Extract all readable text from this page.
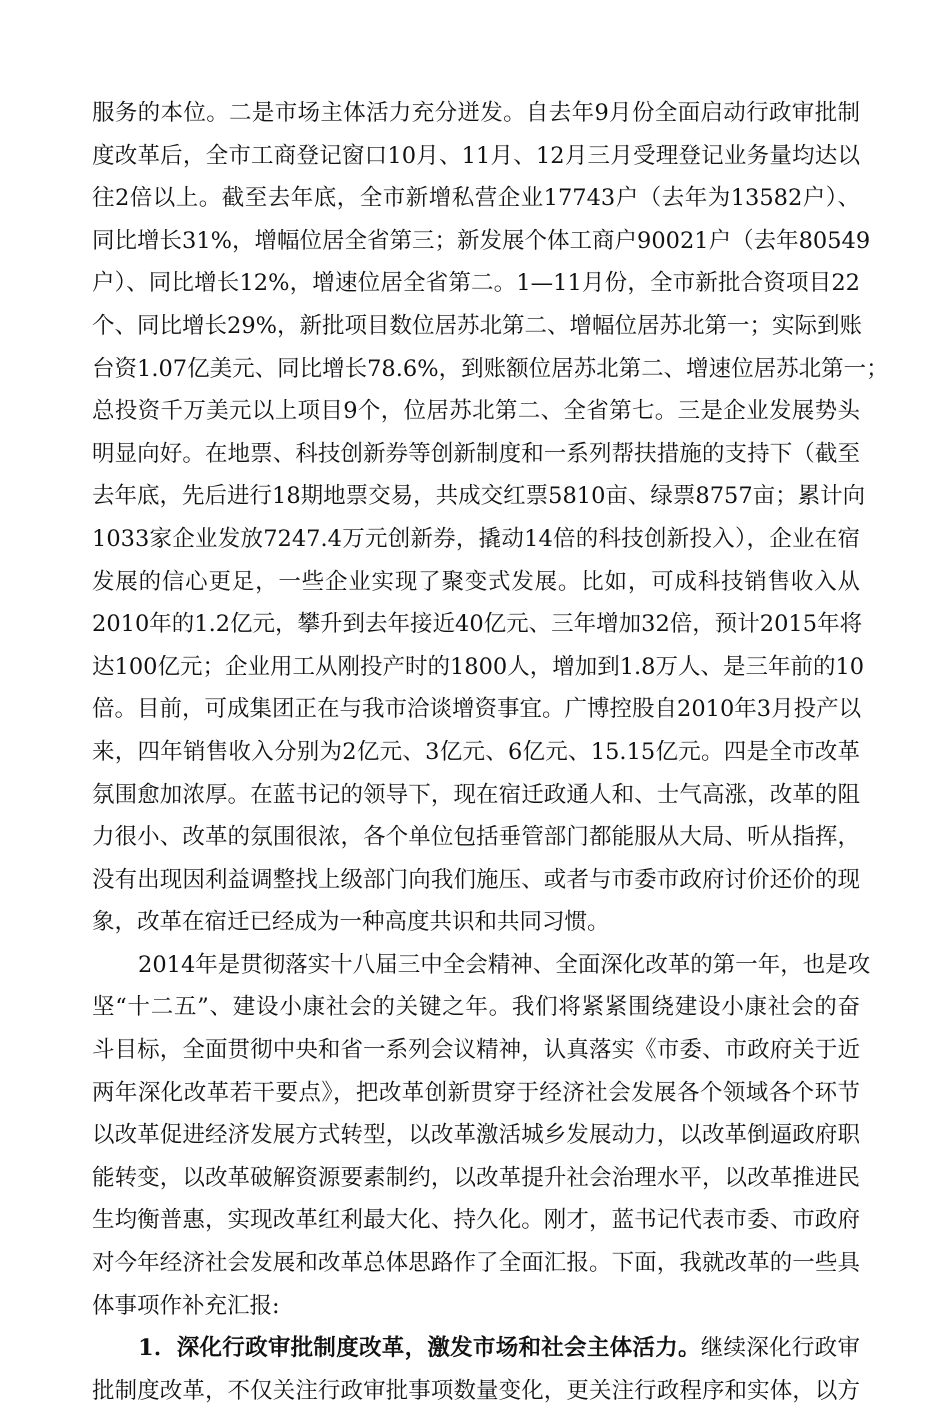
服务的本位。二是市场主体活力充分迸发。自去年9月份全面启动行政审批制
度改革后，全市工商登记窗口10月、11月、12月三月受理登记业务量均达以
往2倍以上。截至去年底，全市新增私营企业17743户（去年为13582户）、
同比增长31%，增幅位居全省第三；新发展个体工商户90021户（去年80549
户）、同比增长12%，增速位居全省第二。1—11月份，全市新批合资项目22
个、同比增长29%，新批项目数位居苏北第二、增幅位居苏北第一；实际到账
台资1.07亿美元、同比增长78.6%，到账额位居苏北第二、增速位居苏北第一；
总投资千万美元以上项目9个，位居苏北第二、全省第七。三是企业发展势头
明显向好。在地票、科技创新券等创新制度和一系列帮扶措施的支持下（截至
去年底，先后进行18期地票交易，共成交红票5810亩、绿票8757亩；累计向
1033家企业发放7247.4万元创新券，撬动14倍的科技创新投入），企业在宿
发展的信心更足，一些企业实现了聚变式发展。比如，可成科技销售收入从
2010年的1.2亿元，攀升到去年接近40亿元、三年增加32倍，预计2015年将
达100亿元；企业用工从刚投产时的1800人，增加到1.8万人、是三年前的10
倍。目前，可成集团正在与我市洽谈增资事宜。广博控股自2010年3月投产以
来，四年销售收入分别为2亿元、3亿元、6亿元、15.15亿元。四是全市改革
氛围愈加浓厚。在蓝书记的领导下，现在宿迁政通人和、士气高涨，改革的阻
力很小、改革的氛围很浓，各个单位包括垂管部门都能服从大局、听从指挥，
没有出现因利益调整找上级部门向我们施压、或者与市委市政府讨价还价的现
象，改革在宿迁已经成为一种高度共识和共同习惯。
2014年是贯彻落实十八届三中全会精神、全面深化改革的第一年，也是攻
坚“十二五”、建设小康社会的关键之年。我们将紧紧围绕建设小康社会的奋
斗目标，全面贯彻中央和省一系列会议精神，认真落实《市委、市政府关于近
两年深化改革若干要点》，把改革创新贯穿于经济社会发展各个领域各个环节
以改革促进经济发展方式转型，以改革激活城乡发展动力，以改革倒逼政府职
能转变，以改革破解资源要素制约，以改革提升社会治理水平，以改革推进民
生均衡普惠，实现改革红利最大化、持久化。刚才，蓝书记代表市委、市政府
对今年经济社会发展和改革总体思路作了全面汇报。下面，我就改革的一些具
体事项作补充汇报:
1．深化行政审批制度改革，激发市场和社会主体活力。继续深化行政审
批制度改革，不仅关注行政审批事项数量变化，更关注行政程序和实体，以方
